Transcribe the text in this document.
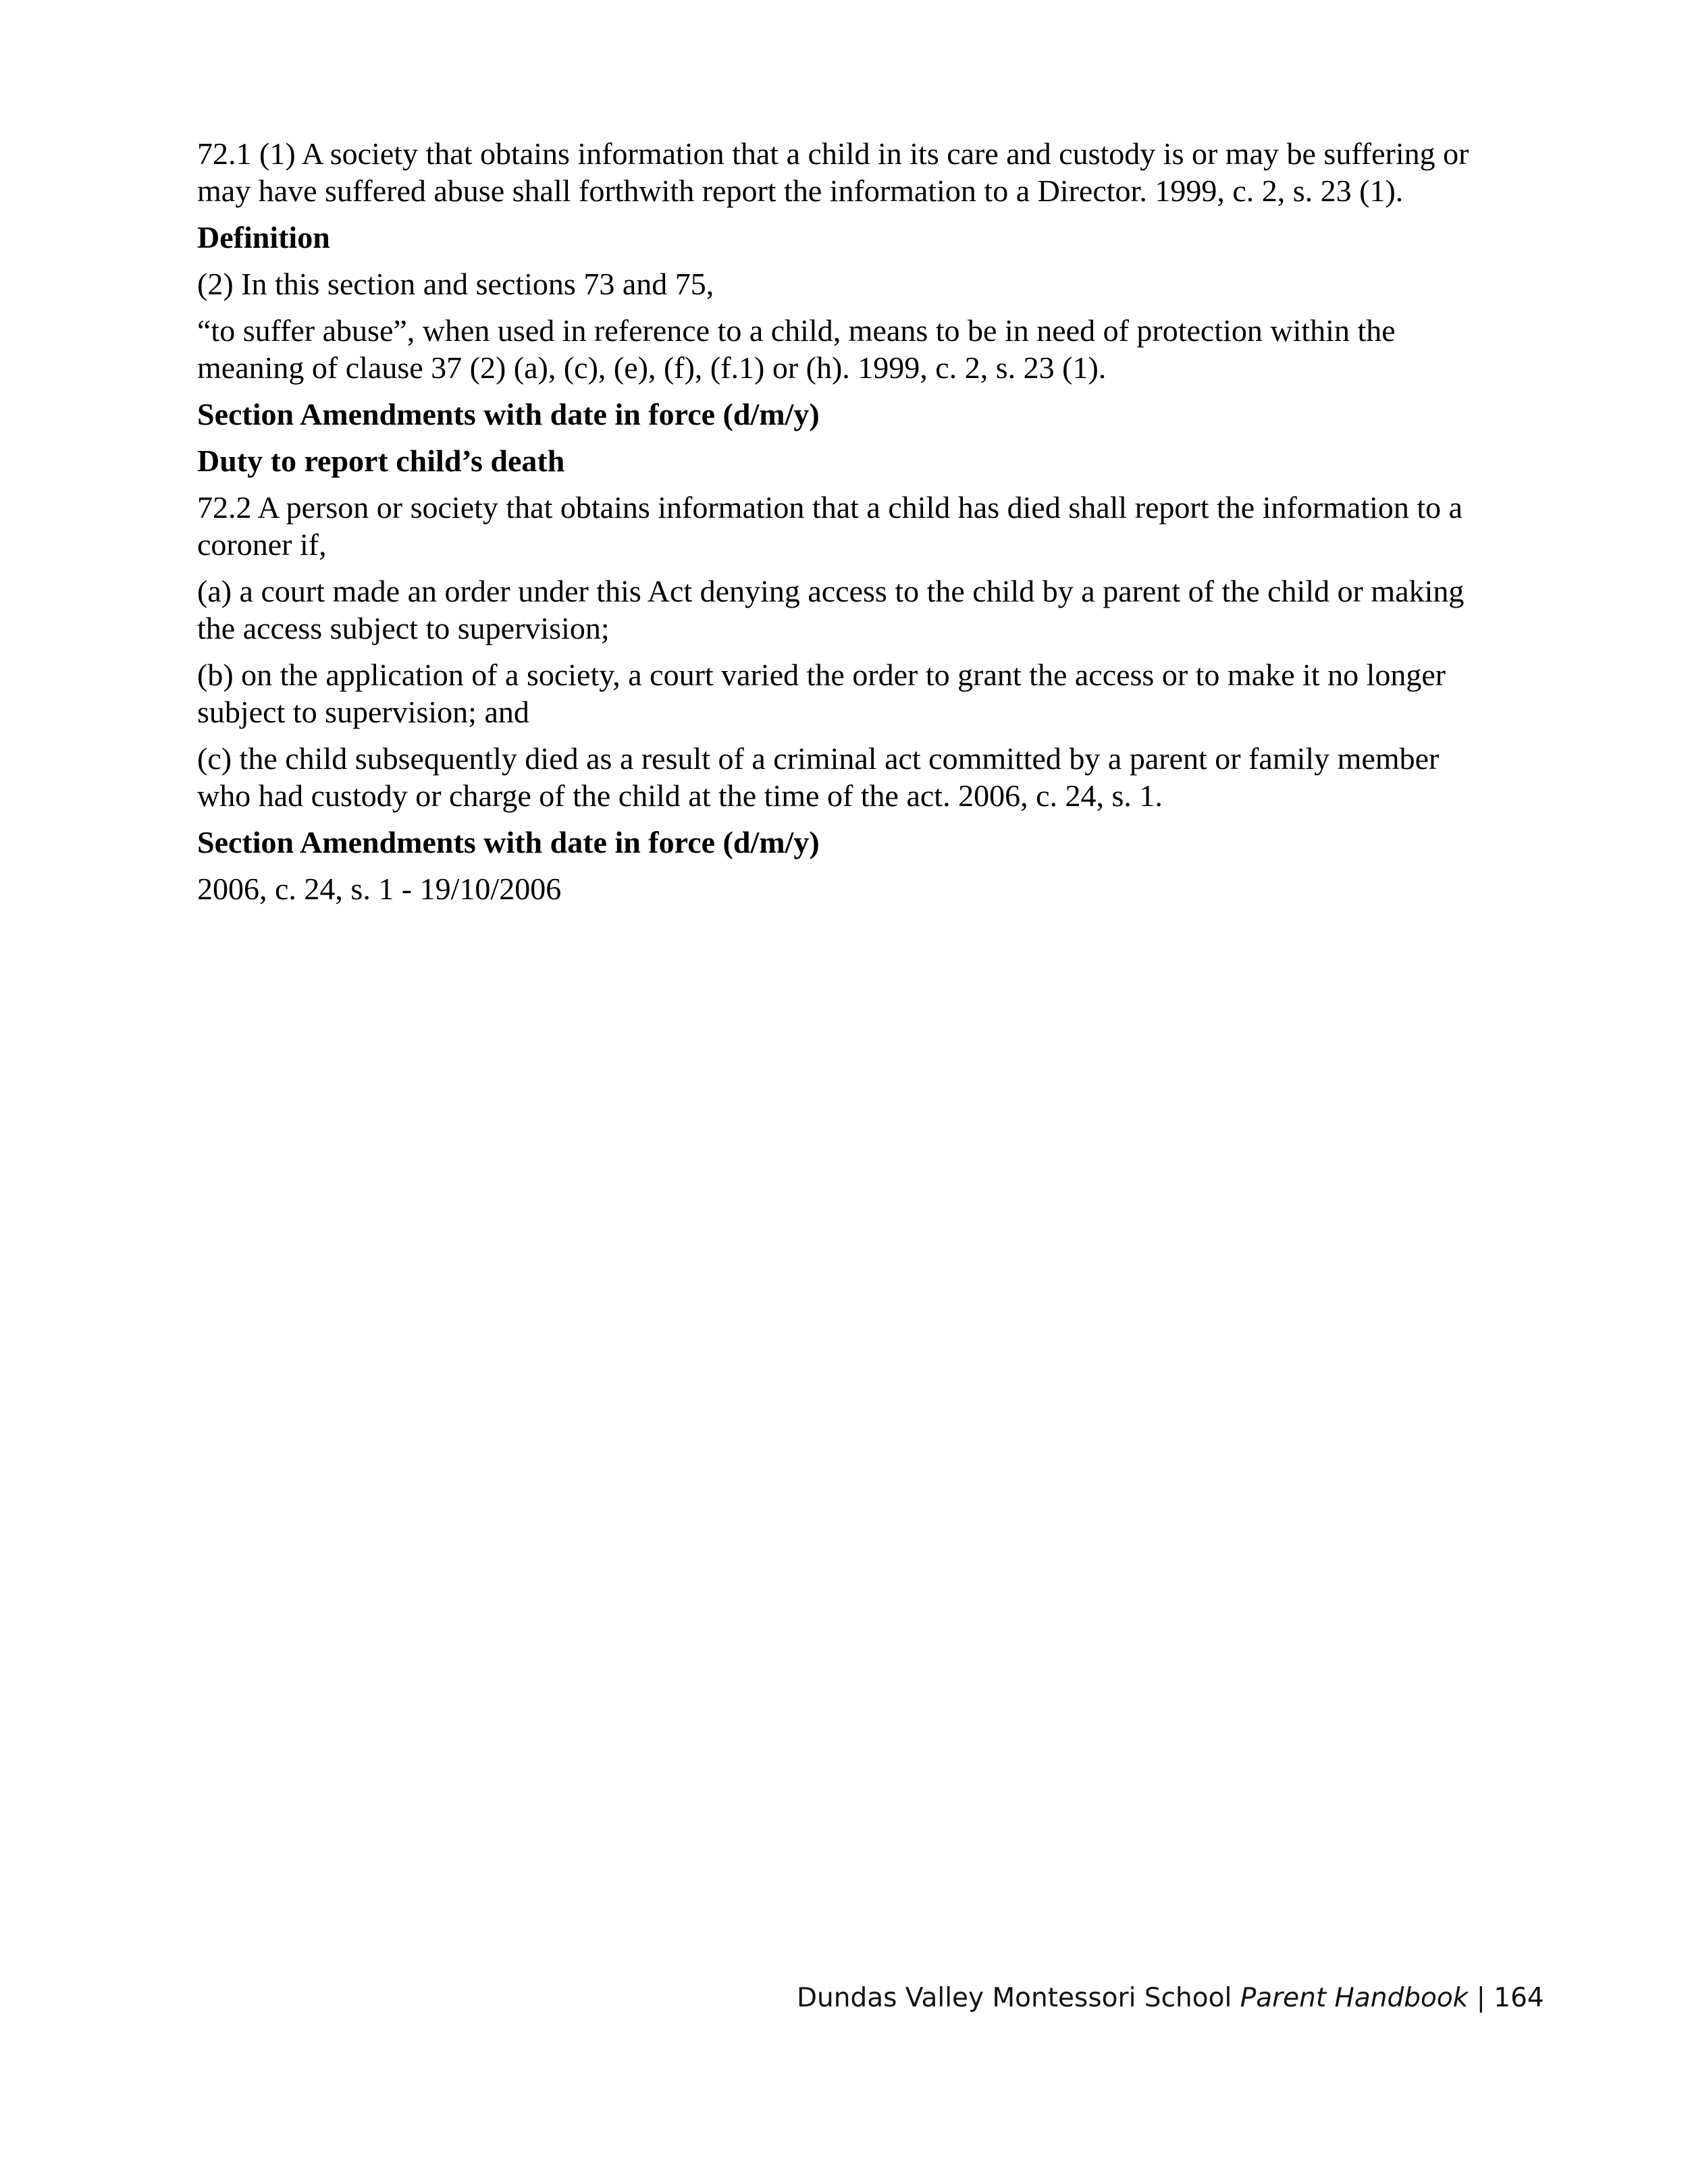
72.1 (1) A society that obtains information that a child in its care and custody is or may be suffering or may have suffered abuse shall forthwith report the information to a Director. 1999, c. 2, s. 23 (1).

Definition

(2) In this section and sections 73 and 75,

“to suffer abuse”, when used in reference to a child, means to be in need of protection within the meaning of clause 37 (2) (a), (c), (e), (f), (f.1) or (h). 1999, c. 2, s. 23 (1).

Section Amendments with date in force (d/m/y)

Duty to report child’s death

72.2 A person or society that obtains information that a child has died shall report the information to a coroner if,

(a) a court made an order under this Act denying access to the child by a parent of the child or making the access subject to supervision;

(b) on the application of a society, a court varied the order to grant the access or to make it no longer subject to supervision; and

(c) the child subsequently died as a result of a criminal act committed by a parent or family member who had custody or charge of the child at the time of the act. 2006, c. 24, s. 1.

Section Amendments with date in force (d/m/y)

2006, c. 24, s. 1 - 19/10/2006

Dundas Valley Montessori School Parent Handbook | 164
